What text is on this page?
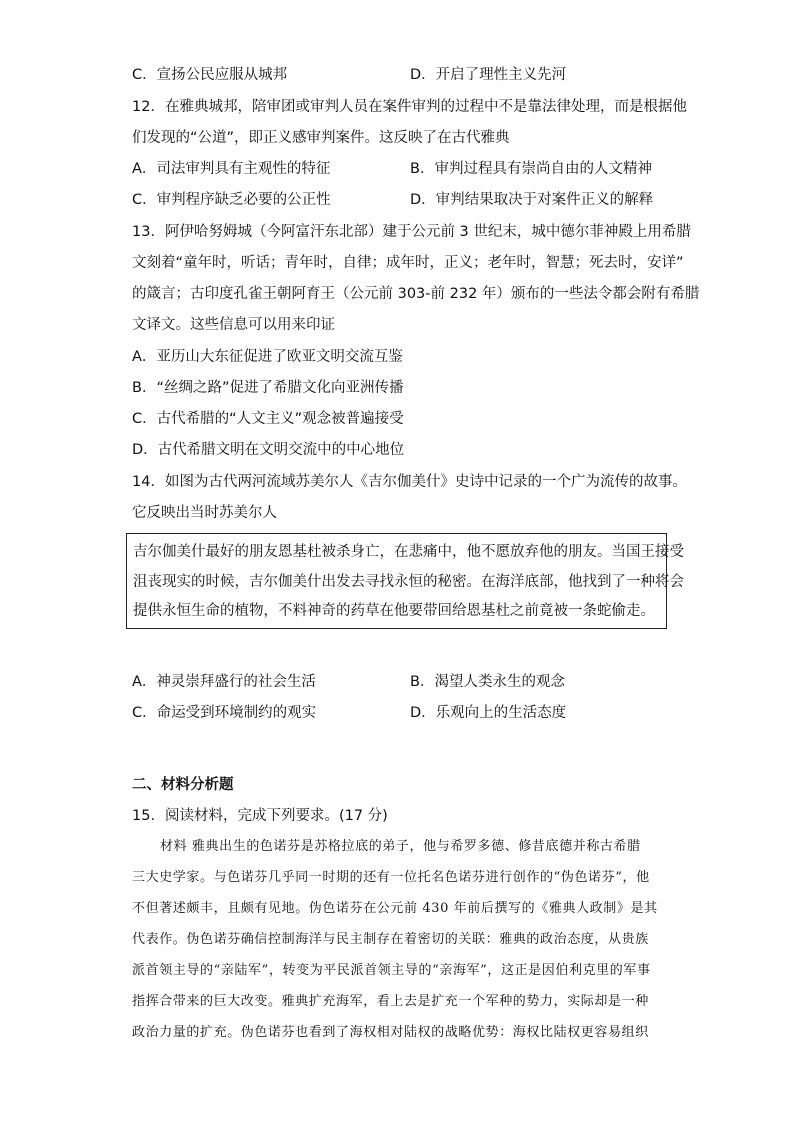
C．宣扬公民应服从城邦	D．开启了理性主义先河
12．在雅典城邦，陪审团或审判人员在案件审判的过程中不是靠法律处理，而是根据他
们发现的“公道”，即正义感审判案件。这反映了在古代雅典
A．司法审判具有主观性的特征	B．审判过程具有崇尚自由的人文精神
C．审判程序缺乏必要的公正性	D．审判结果取决于对案件正义的解释
13．阿伊哈努姆城（今阿富汗东北部）建于公元前 3 世纪末，城中德尔菲神殿上用希腊
文刻着“童年时，听话；青年时，自律；成年时，正义；老年时，智慧；死去时，安详”
的箴言；古印度孔雀王朝阿育王（公元前 303-前 232 年）颁布的一些法令都会附有希腊
文译文。这些信息可以用来印证
A．亚历山大东征促进了欧亚文明交流互鉴
B．“丝绸之路”促进了希腊文化向亚洲传播
C．古代希腊的“人文主义”观念被普遍接受
D．古代希腊文明在文明交流中的中心地位
14．如图为古代两河流域苏美尔人《吉尔伽美什》史诗中记录的一个广为流传的故事。
它反映出当时苏美尔人
吉尔伽美什最好的朋友恩基杜被杀身亡，在悲痛中，他不愿放弃他的朋友。当国王接受
沮丧现实的时候，吉尔伽美什出发去寻找永恒的秘密。在海洋底部，他找到了一种将会
提供永恒生命的植物，不料神奇的药草在他要带回给恩基杜之前竟被一条蛇偷走。
A．神灵崇拜盛行的社会生活	B．渴望人类永生的观念
C．命运受到环境制约的观实	D．乐观向上的生活态度
二、材料分析题
15．阅读材料，完成下列要求。(17 分)
材料 雅典出生的色诺芬是苏格拉底的弟子，他与希罗多德、修昔底德并称古希腊
三大史学家。与色诺芬几乎同一时期的还有一位托名色诺芬进行创作的“伪色诺芬”，他
不但著述颇丰，且颇有见地。伪色诺芬在公元前 430 年前后撰写的《雅典人政制》是其
代表作。伪色诺芬确信控制海洋与民主制存在着密切的关联：雅典的政治态度，从贵族
派首领主导的“亲陆军”，转变为平民派首领主导的“亲海军”，这正是因伯利克里的军事
指挥合带来的巨大改变。雅典扩充海军，看上去是扩充一个军种的势力，实际却是一种
政治力量的扩充。伪色诺芬也看到了海权相对陆权的战略优势：海权比陆权更容易组织
